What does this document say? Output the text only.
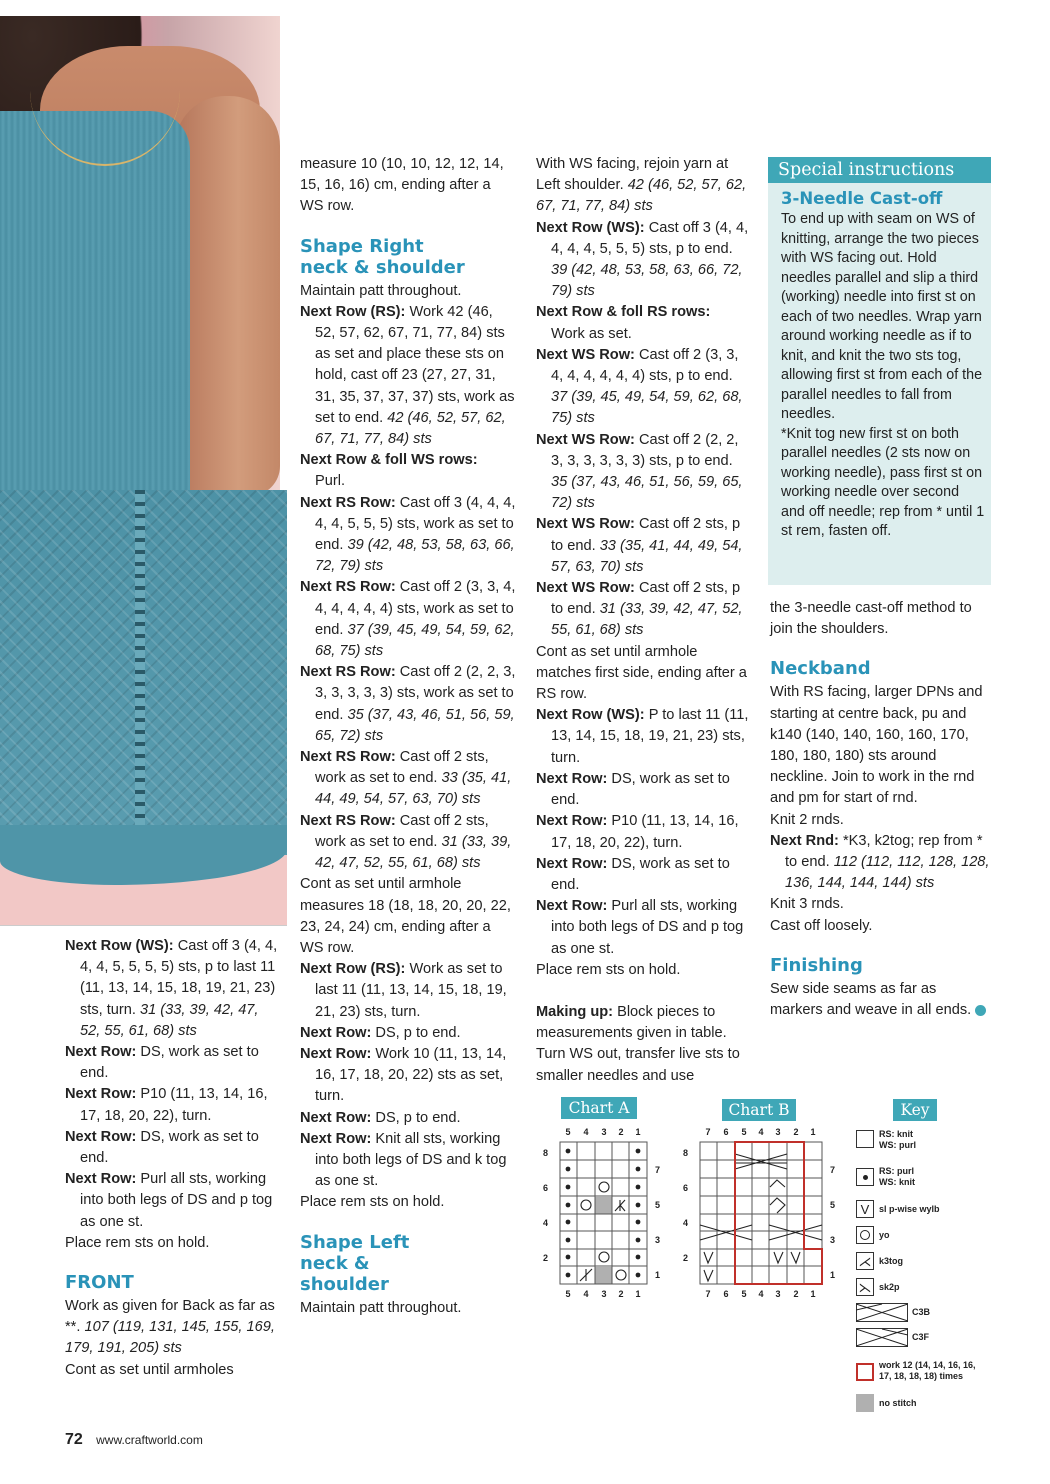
Next Row (WS): Cast off 3 (4, 4, 4, 4, 5, 5, 5, 5) sts, p to last 11 (11, 13, 14, 15, 18, 19, 21, 23) sts, turn. 31 (33, 39, 42, 47, 52, 55, 61, 68) sts

Next Row: DS, work as set to end.

Next Row: P10 (11, 13, 14, 16, 17, 18, 20, 22), turn.

Next Row: DS, work as set to end.

Next Row: Purl all sts, working into both legs of DS and p tog as one st.

Place rem sts on hold.

FRONT

Work as given for Back as far as **. 107 (119, 131, 145, 155, 169, 179, 191, 205) sts

Cont as set until armholes

measure 10 (10, 10, 12, 12, 14, 15, 16, 16) cm, ending after a WS row.

Shape Right neck & shoulder

Maintain patt throughout.

Next Row (RS): Work 42 (46, 52, 57, 62, 67, 71, 77, 84) sts as set and place these sts on hold, cast off 23 (27, 27, 31, 31, 35, 37, 37, 37) sts, work as set to end. 42 (46, 52, 57, 62, 67, 71, 77, 84) sts

Next Row & foll WS rows:

Purl.

Next RS Row: Cast off 3 (4, 4, 4, 4, 4, 5, 5, 5) sts, work as set to end. 39 (42, 48, 53, 58, 63, 66, 72, 79) sts

Next RS Row: Cast off 2 (3, 3, 4, 4, 4, 4, 4, 4) sts, work as set to end. 37 (39, 45, 49, 54, 59, 62, 68, 75) sts

Next RS Row: Cast off 2 (2, 2, 3, 3, 3, 3, 3, 3) sts, work as set to end. 35 (37, 43, 46, 51, 56, 59, 65, 72) sts

Next RS Row: Cast off 2 sts, work as set to end. 33 (35, 41, 44, 49, 54, 57, 63, 70) sts

Next RS Row: Cast off 2 sts, work as set to end. 31 (33, 39, 42, 47, 52, 55, 61, 68) sts

Cont as set until armhole measures 18 (18, 18, 20, 20, 22, 23, 24, 24) cm, ending after a WS row.

Next Row (RS): Work as set to last 11 (11, 13, 14, 15, 18, 19, 21, 23) sts, turn.

Next Row: DS, p to end.

Next Row: Work 10 (11, 13, 14, 16, 17, 18, 20, 22) sts as set, turn.

Next Row: DS, p to end.

Next Row: Knit all sts, working into both legs of DS and k tog as one st.

Place rem sts on hold.

Shape Left neck & shoulder

Maintain patt throughout.

With WS facing, rejoin yarn at Left shoulder. 42 (46, 52, 57, 62, 67, 71, 77, 84) sts

Next Row (WS): Cast off 3 (4, 4, 4, 4, 4, 5, 5, 5) sts, p to end. 39 (42, 48, 53, 58, 63, 66, 72, 79) sts

Next Row & foll RS rows:

Work as set.

Next WS Row: Cast off 2 (3, 3, 4, 4, 4, 4, 4, 4) sts, p to end. 37 (39, 45, 49, 54, 59, 62, 68, 75) sts

Next WS Row: Cast off 2 (2, 2, 3, 3, 3, 3, 3, 3) sts, p to end. 35 (37, 43, 46, 51, 56, 59, 65, 72) sts

Next WS Row: Cast off 2 sts, p to end. 33 (35, 41, 44, 49, 54, 57, 63, 70) sts

Next WS Row: Cast off 2 sts, p to end. 31 (33, 39, 42, 47, 52, 55, 61, 68) sts

Cont as set until armhole matches first side, ending after a RS row.

Next Row (WS): P to last 11 (11, 13, 14, 15, 18, 19, 21, 23) sts, turn.

Next Row: DS, work as set to end.

Next Row: P10 (11, 13, 14, 16, 17, 18, 20, 22), turn.

Next Row: DS, work as set to end.

Next Row: Purl all sts, working into both legs of DS and p tog as one st.

Place rem sts on hold.

Making up: Block pieces to measurements given in table. Turn WS out, transfer live sts to smaller needles and use

Special instructions
3-Needle Cast-off

To end up with seam on WS of knitting, arrange the two pieces with WS facing out. Hold needles parallel and slip a third (working) needle into first st on each of two needles. Wrap yarn around working needle as if to knit, and knit the two sts tog, allowing first st from each of the parallel needles to fall from needles.

*Knit tog new first st on both parallel needles (2 sts now on working needle), pass first st on working needle over second and off needle; rep from * until 1 st rem, fasten off.

the 3-needle cast-off method to join the shoulders.

Neckband

With RS facing, larger DPNs and starting at centre back, pu and k140 (140, 140, 160, 160, 170, 180, 180, 180) sts around neckline. Join to work in the rnd and pm for start of rnd.

Knit 2 rnds.

Next Rnd: *K3, k2tog; rep from * to end. 112 (112, 112, 128, 128, 136, 144, 144, 144) sts

Knit 3 rnds.

Cast off loosely.

Finishing

Sew side seams as far as markers and weave in all ends.

Chart A	Chart B	Key
5 4 3 2 1
5 4 3 2 1
8
6
4
2
7
5
3
1
7 6 5 4 3 2 1
7 6 5 4 3 2 1
8
6
4
2
7
5
3
1
RS: knit
WS: purl
RS: purl
WS: knit
V	sl p-wise wylb
yo
⋌ k3tog
⋋ sk2p
C3B
C3F
work 12 (14, 14, 16, 16,
17, 18, 18, 18) times
no stitch
72 www.craftworld.com
